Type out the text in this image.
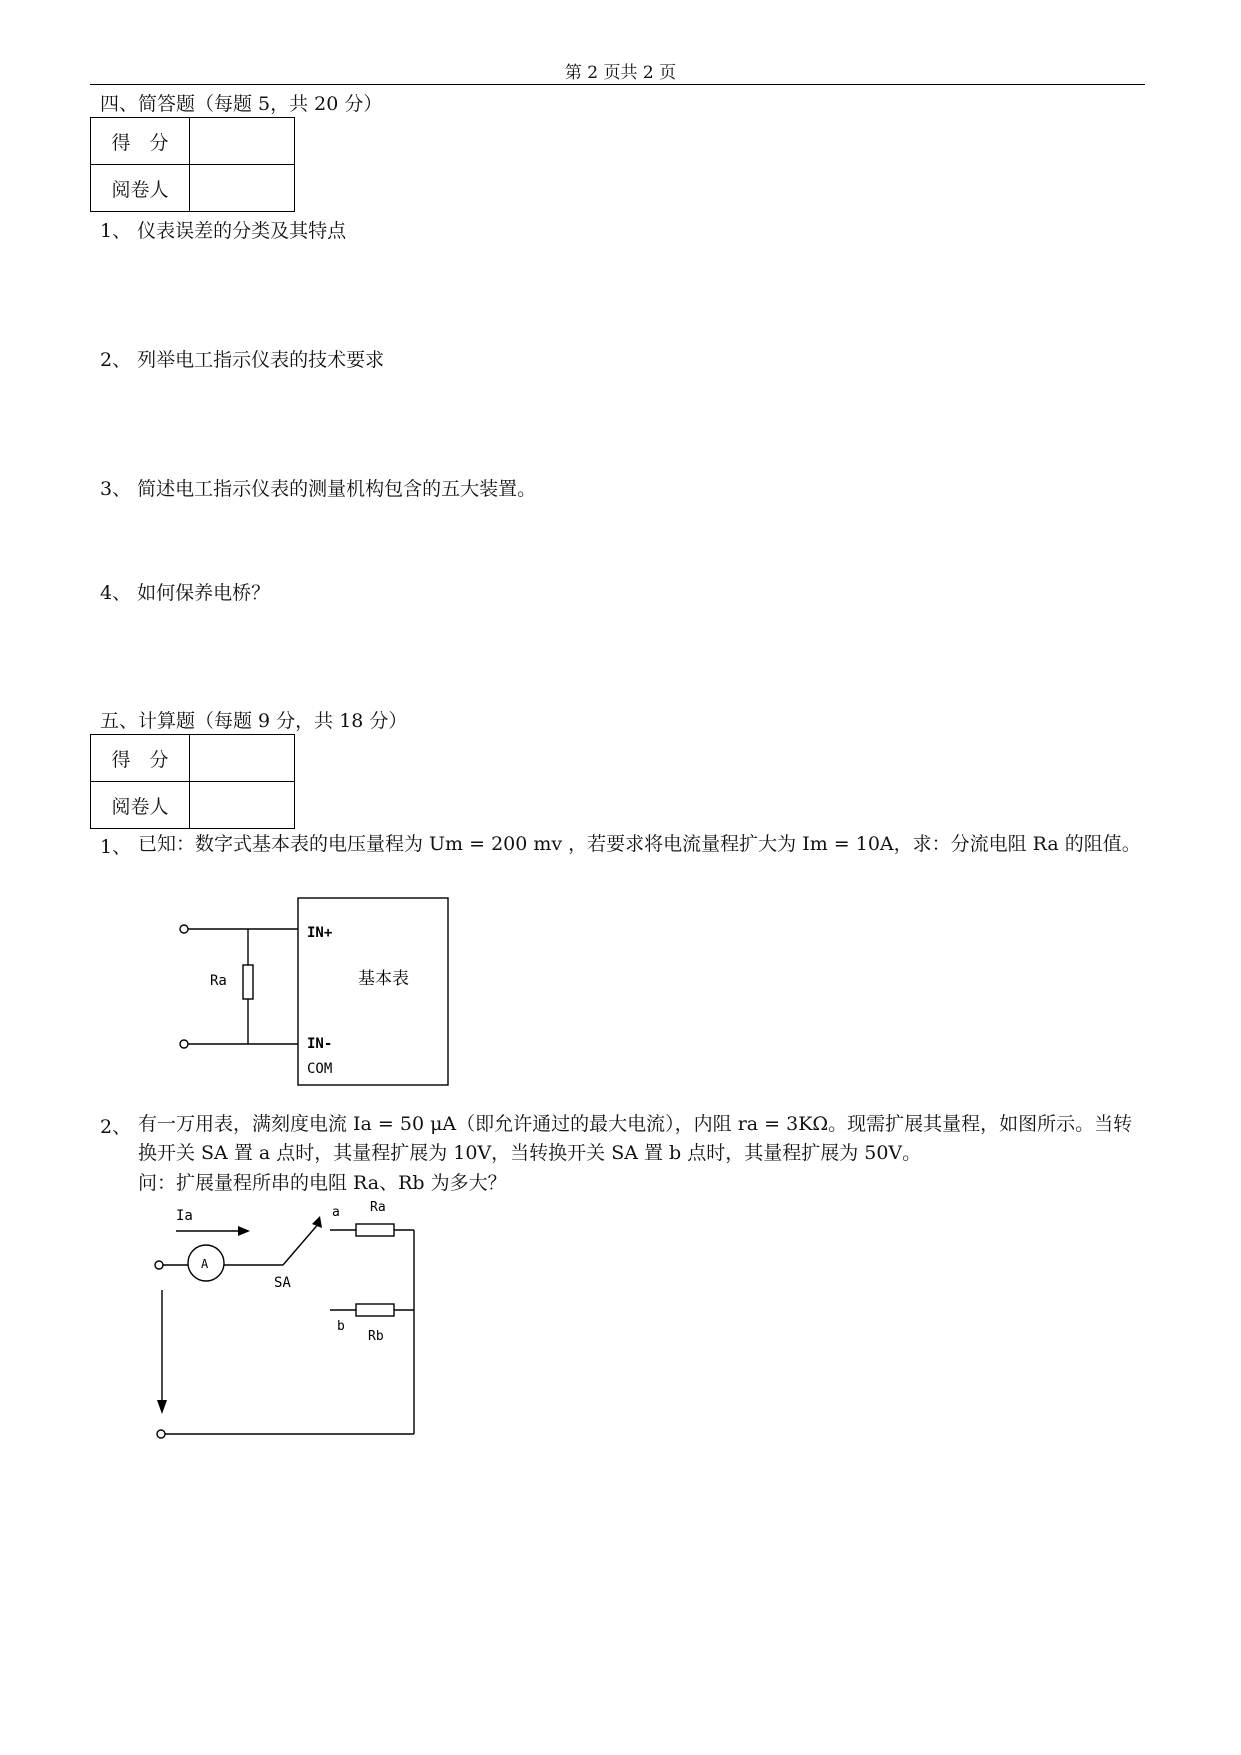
第 2 页共 2 页
四、简答题（每题 5，共 20 分）
得　分	
阅卷人	
1、 仪表误差的分类及其特点
2、 列举电工指示仪表的技术要求
3、 简述电工指示仪表的测量机构包含的五大装置。
4、 如何保养电桥？
五、计算题（每题 9 分，共 18 分）
得　分	
阅卷人	
1、 已知：数字式基本表的电压量程为 Um = 200 mv ，若要求将电流量程扩大为 Im = 10A，求：分流电阻 Ra 的阻值。
Ra
IN+
IN-
COM
基本表
Ia
A
SA
a
b
Ra
Rb
2、 有一万用表，满刻度电流 Ia = 50 μA（即允许通过的最大电流），内阻 ra = 3KΩ。现需扩展其量程，如图所示。当转换开关 SA 置 a 点时，其量程扩展为 10V，当转换开关 SA 置 b 点时，其量程扩展为 50V。
问：扩展量程所串的电阻 Ra、Rb 为多大？
